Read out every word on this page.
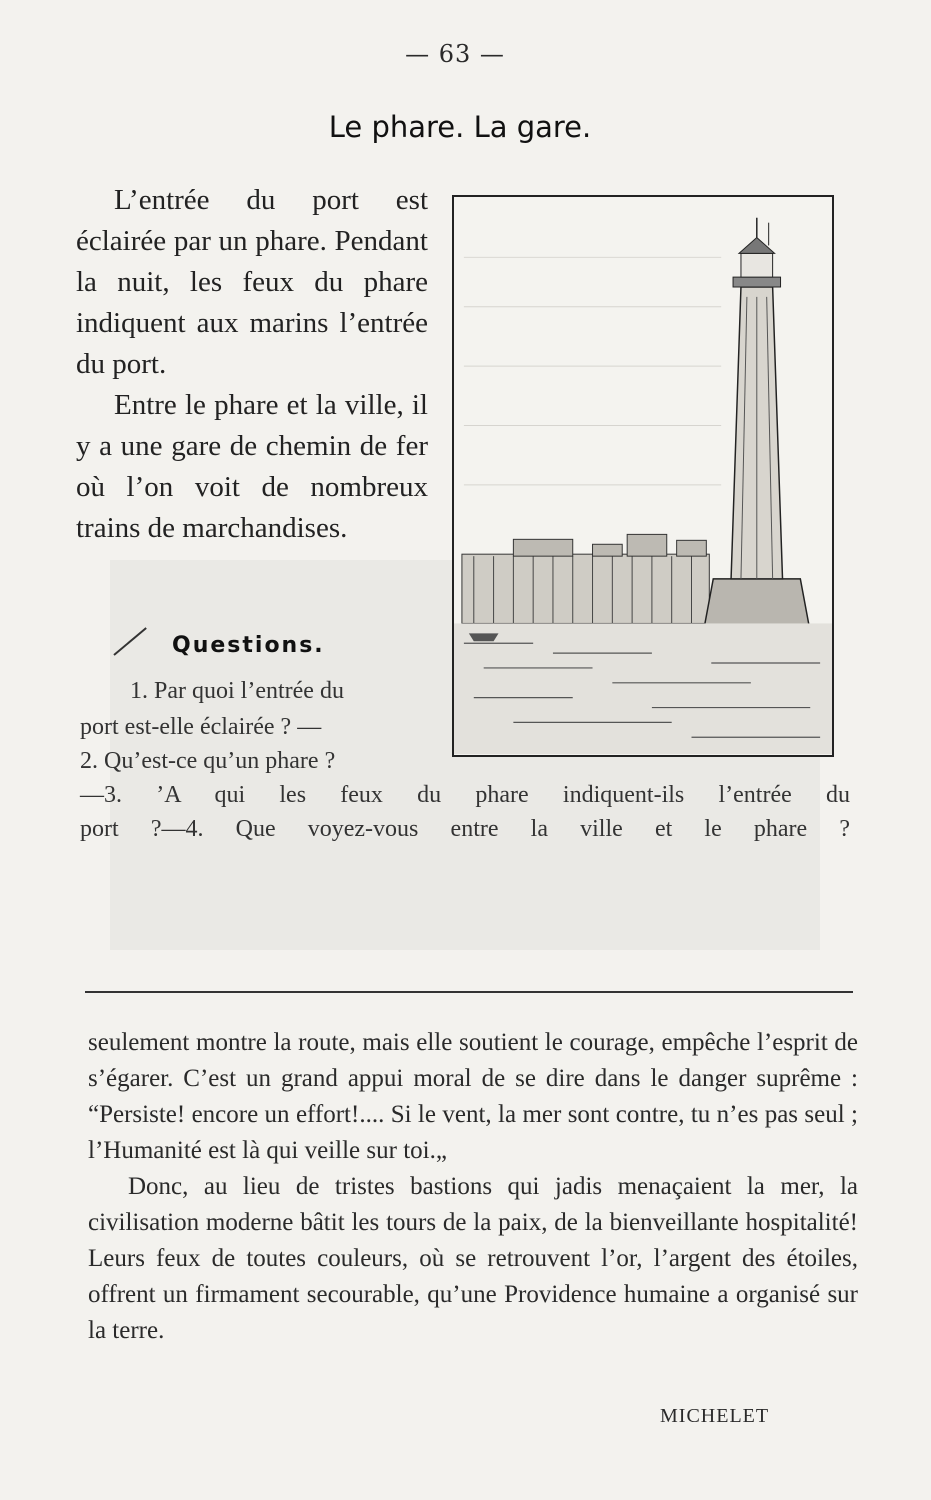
— 63 —
Le phare. La gare.

L’entrée du port est éclairée par un phare. Pendant la nuit, les feux du phare indiquent aux marins l’entrée du port.

Entre le phare et la ville, il y a une gare de chemin de fer où l’on voit de nombreux trains de marchandises.

Questions.
1. Par quoi l’entrée du
port est-elle éclairée ? —
2. Qu’est-ce qu’un phare ?
—3. ’A qui les feux du phare indiquent-ils l’entrée du
port ?—4. Que voyez-vous entre la ville et le phare ?

seulement montre la route, mais elle soutient le courage, empêche l’esprit de s’égarer. C’est un grand appui moral de se dire dans le danger suprême : “Persiste! encore un effort!.... Si le vent, la mer sont contre, tu n’es pas seul ; l’Humanité est là qui veille sur toi.„

Donc, au lieu de tristes bastions qui jadis menaçaient la mer, la civilisation moderne bâtit les tours de la paix, de la bienveillante hospitalité! Leurs feux de toutes couleurs, où se retrouvent l’or, l’argent des étoiles, offrent un firmament secourable, qu’une Providence humaine a organisé sur la terre.

MICHELET
